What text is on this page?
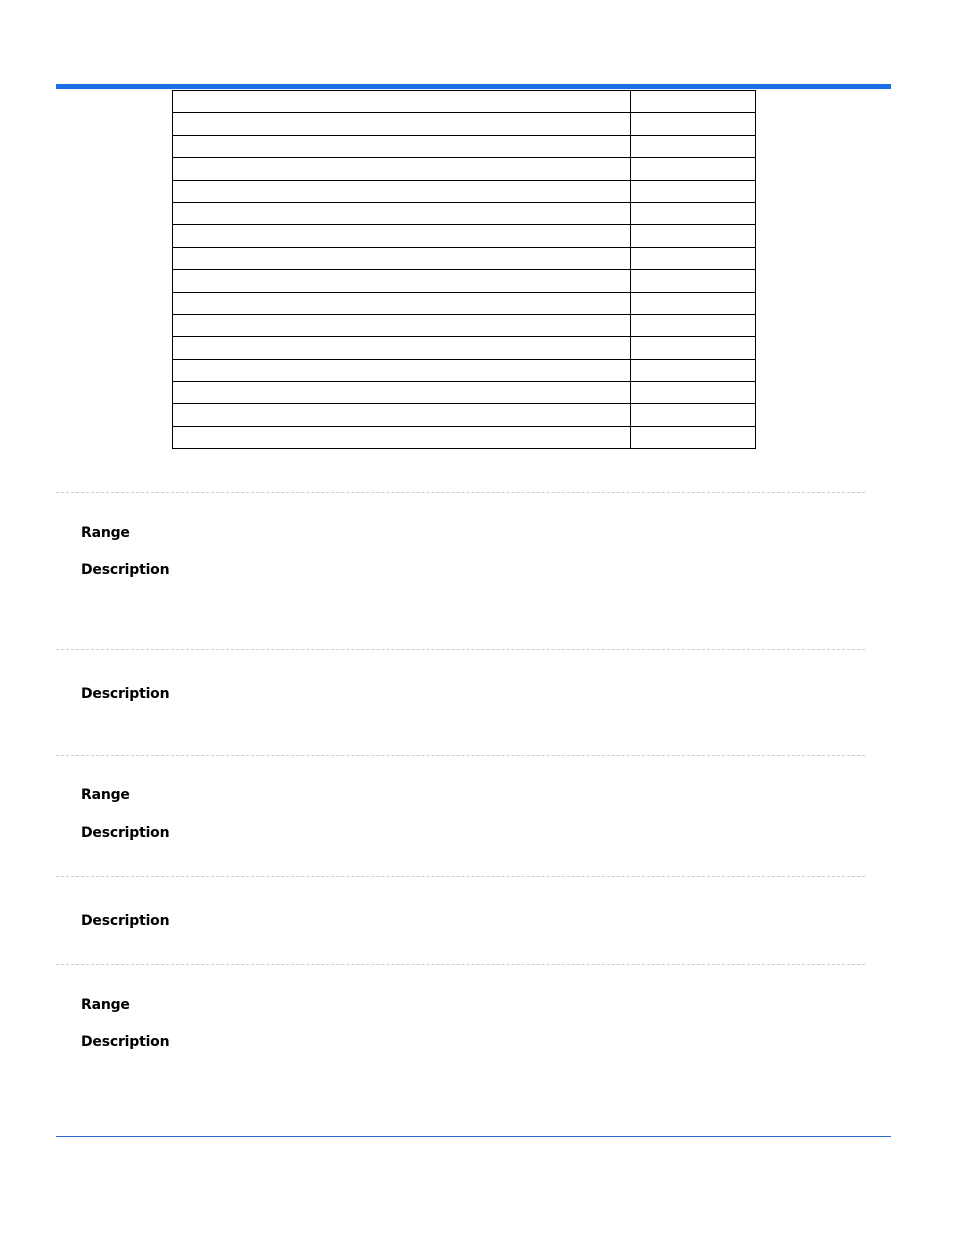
Range
Description
Description
Range
Description
Description
Range
Description
